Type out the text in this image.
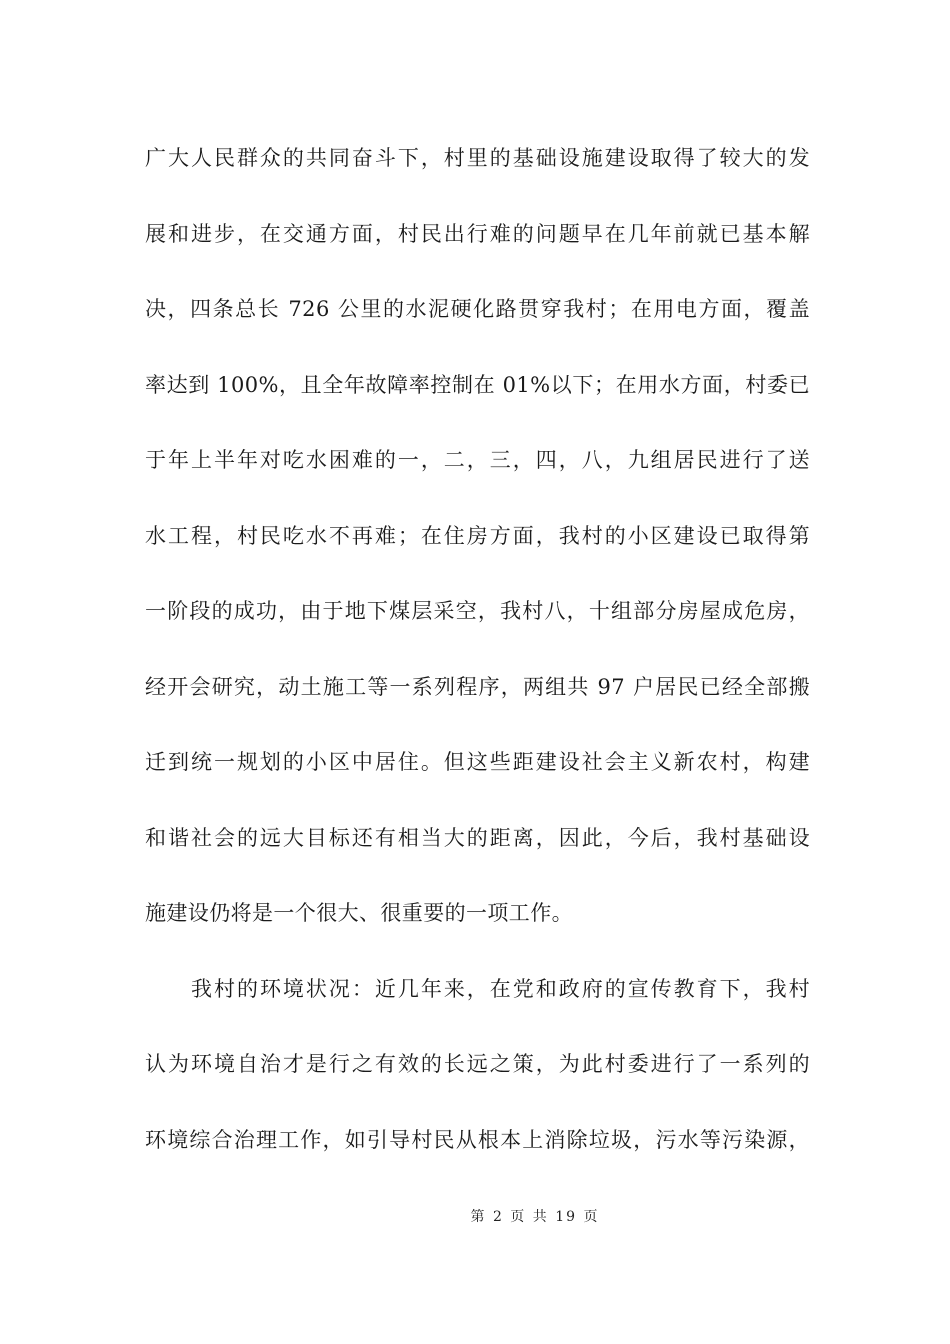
广大人民群众的共同奋斗下，村里的基础设施建设取得了较大的发
展和进步，在交通方面，村民出行难的问题早在几年前就已基本解
决，四条总长 726 公里的水泥硬化路贯穿我村；在用电方面，覆盖
率达到 100%，且全年故障率控制在 01%以下；在用水方面，村委已
于年上半年对吃水困难的一，二，三，四，八，九组居民进行了送
水工程，村民吃水不再难；在住房方面，我村的小区建设已取得第
一阶段的成功，由于地下煤层采空，我村八，十组部分房屋成危房，
经开会研究，动土施工等一系列程序，两组共 97 户居民已经全部搬
迁到统一规划的小区中居住。但这些距建设社会主义新农村，构建
和谐社会的远大目标还有相当大的距离，因此，今后，我村基础设
施建设仍将是一个很大、很重要的一项工作。
我村的环境状况：近几年来，在党和政府的宣传教育下，我村
认为环境自治才是行之有效的长远之策，为此村委进行了一系列的
环境综合治理工作，如引导村民从根本上消除垃圾，污水等污染源，
第 2 页 共 19 页
